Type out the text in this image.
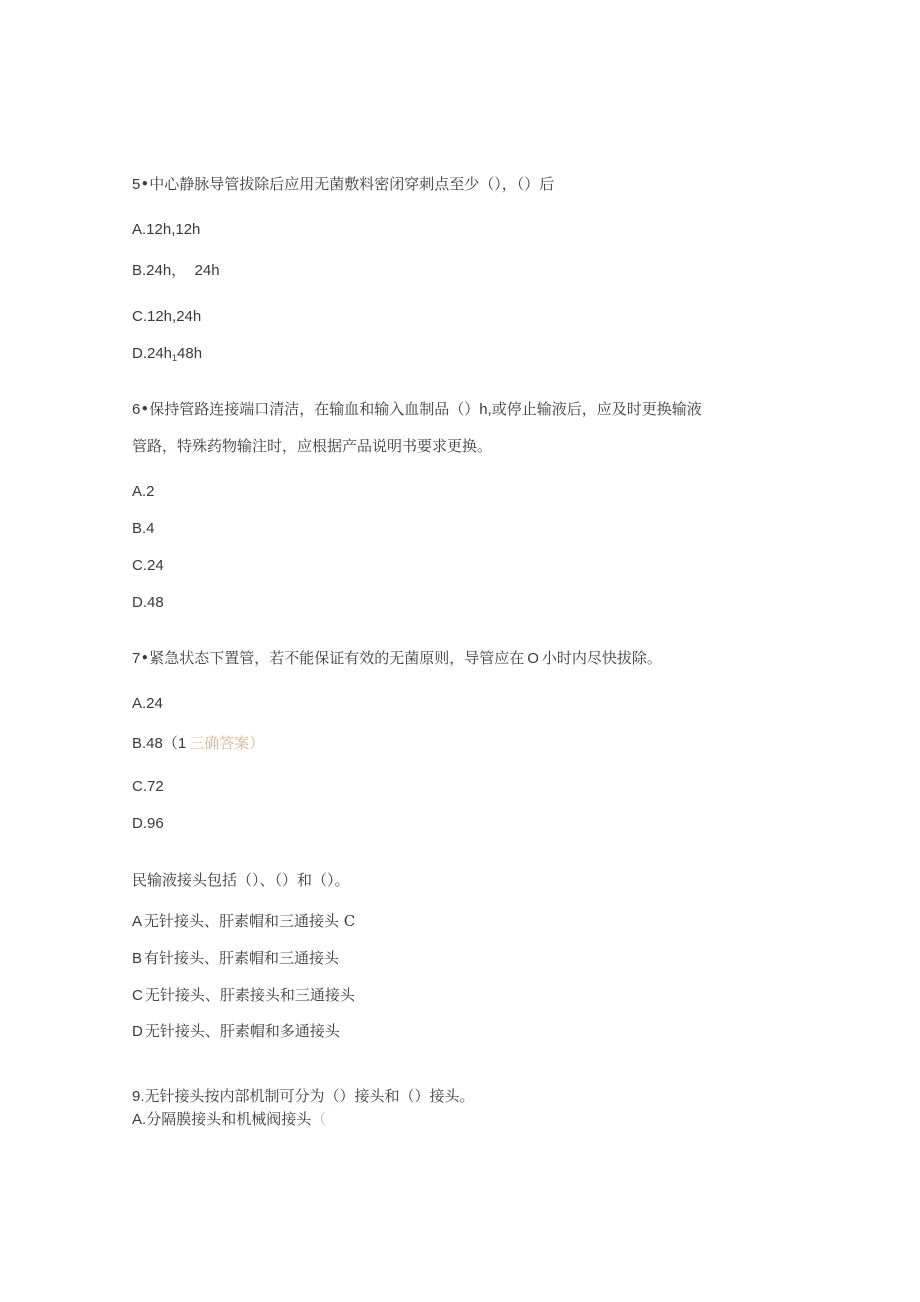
5•中心静脉导管拔除后应用无菌敷料密闭穿刺点至少（），（）后
A.12h,12h
B.24h，  24h
C.12h,24h
$D.24h_148h$
6•保持管路连接端口清洁，在输血和输入血制品（）h,或停止输液后，应及时更换输液
管路，特殊药物输注时，应根据产品说明书要求更换。
A.2
B.4
C.24
D.48
7•紧急状态下置管，若不能保证有效的无菌原则，导管应在 O 小时内尽快拔除。
A.24
B.48（1 三确答案）
C.72
D.96
民输液接头包括（）、（）和（）。
A 无针接头、肝素帽和三通接头 C
B 有针接头、肝素帽和三通接头
C 无针接头、肝素接头和三通接头
D 无针接头、肝素帽和多通接头
9.无针接头按内部机制可分为（）接头和（）接头。
A.分隔膜接头和机械阀接头（
